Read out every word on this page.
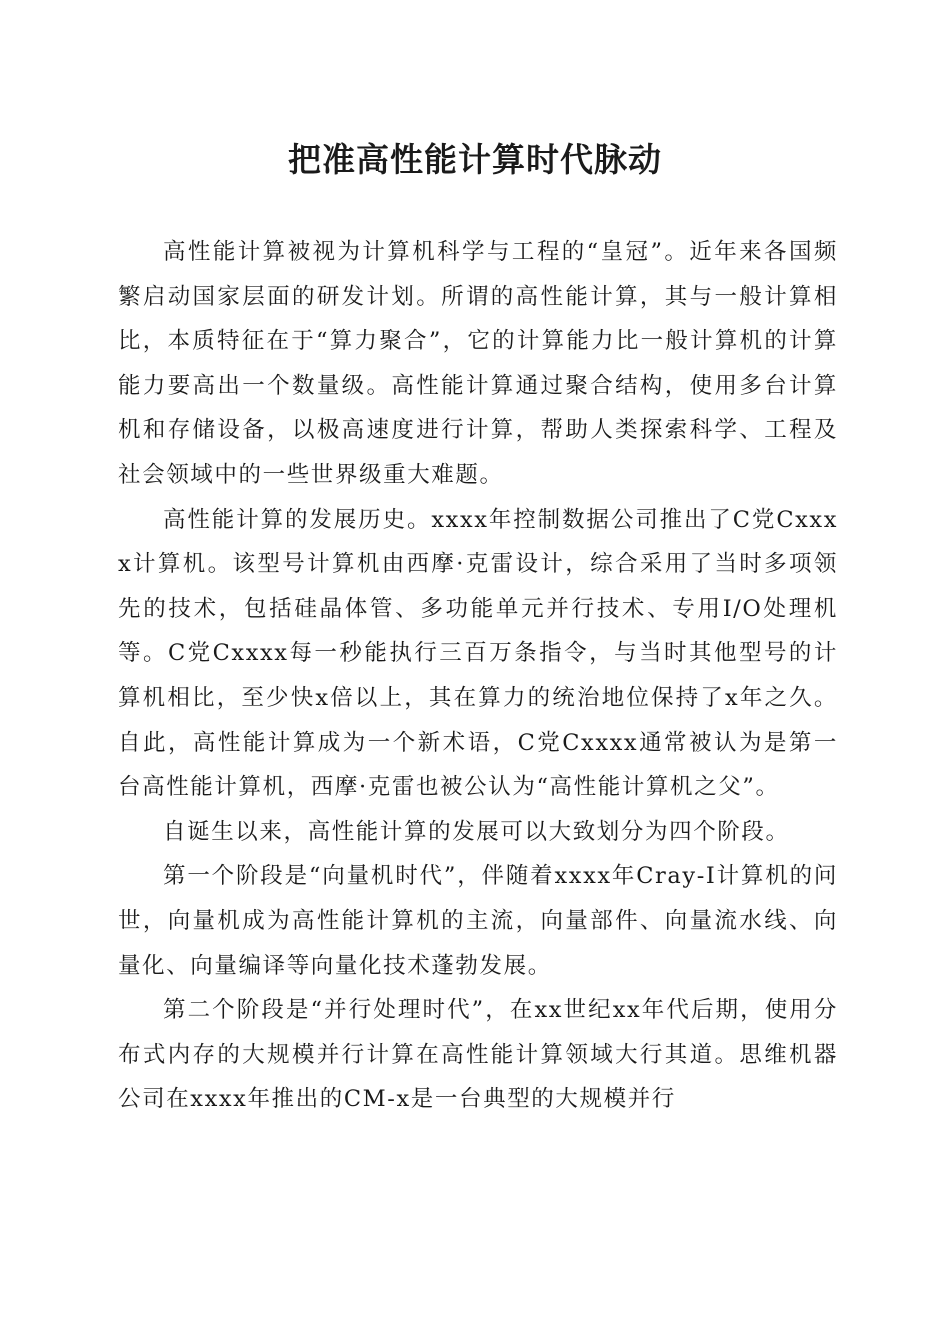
把准高性能计算时代脉动

高性能计算被视为计算机科学与工程的“皇冠”。近年来各国频繁启动国家层面的研发计划。所谓的高性能计算，其与一般计算相比，本质特征在于“算力聚合”，它的计算能力比一般计算机的计算能力要高出一个数量级。高性能计算通过聚合结构，使用多台计算机和存储设备，以极高速度进行计算，帮助人类探索科学、工程及社会领域中的一些世界级重大难题。

高性能计算的发展历史。xxxx年控制数据公司推出了C党Cxxxx计算机。该型号计算机由西摩·克雷设计，综合采用了当时多项领先的技术，包括硅晶体管、多功能单元并行技术、专用I/O处理机等。C党Cxxxx每一秒能执行三百万条指令，与当时其他型号的计算机相比，至少快x倍以上，其在算力的统治地位保持了x年之久。自此，高性能计算成为一个新术语，C党Cxxxx通常被认为是第一台高性能计算机，西摩·克雷也被公认为“高性能计算机之父”。

自诞生以来，高性能计算的发展可以大致划分为四个阶段。

第一个阶段是“向量机时代”，伴随着xxxx年Cray-I计算机的问世，向量机成为高性能计算机的主流，向量部件、向量流水线、向量化、向量编译等向量化技术蓬勃发展。

第二个阶段是“并行处理时代”，在xx世纪xx年代后期，使用分布式内存的大规模并行计算在高性能计算领域大行其道。思维机器公司在xxxx年推出的CM-x是一台典型的大规模并行
